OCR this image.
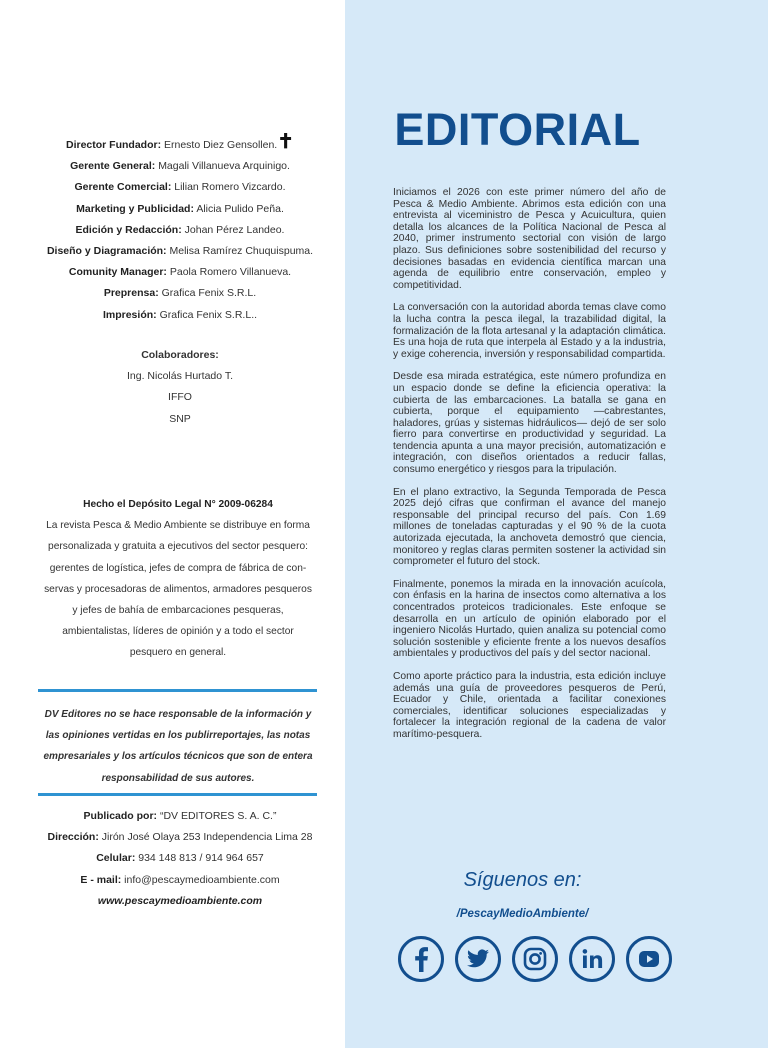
Director Fundador: Ernesto Diez Gensollen.✝
Gerente General: Magali Villanueva Arquinigo.
Gerente Comercial: Lilian Romero Vizcardo.
Marketing y Publicidad: Alicia Pulido Peña.
Edición y Redacción: Johan Pérez Landeo.
Diseño y Diagramación: Melisa Ramírez Chuquispuma.
Comunity Manager: Paola Romero Villanueva.
Preprensa: Grafica Fenix S.R.L.
Impresión: Grafica Fenix S.R.L..
Colaboradores:
Ing. Nicolás Hurtado T.
IFFO
SNP
Hecho el Depósito Legal N° 2009-06284
La revista Pesca & Medio Ambiente se distribuye en forma
personalizada y gratuita a ejecutivos del sector pesquero:
gerentes de logística, jefes de compra de fábrica de con-
servas y procesadoras de alimentos, armadores pesqueros
y jefes de bahía de embarcaciones pesqueras,
ambientalistas, líderes de opinión y a todo el sector
pesquero en general.
DV Editores no se hace responsable de la información y
las opiniones vertidas en los publirreportajes, las notas
empresariales y los artículos técnicos que son de entera
responsabilidad de sus autores.
Publicado por: “DV EDITORES S. A. C.”
Dirección: Jirón José Olaya 253 Independencia Lima 28
Celular: 934 148 813 / 914 964 657
E - mail: info@pescaymedioambiente.com
www.pescaymedioambiente.com
EDITORIAL

Iniciamos el 2026 con este primer número del año de Pesca & Medio Ambiente. Abrimos esta edición con una entrevista al viceministro de Pesca y Acuicultura, quien detalla los alcances de la Política Nacional de Pesca al 2040, primer instrumento sectorial con visión de largo plazo. Sus definiciones sobre sostenibilidad del recurso y decisiones basadas en evidencia científica marcan una agenda de equilibrio entre conservación, empleo y competitividad.

La conversación con la autoridad aborda temas clave como la lucha contra la pesca ilegal, la trazabilidad digital, la formalización de la flota artesanal y la adaptación climática. Es una hoja de ruta que interpela al Estado y a la industria, y exige coherencia, inversión y responsabilidad compartida.

Desde esa mirada estratégica, este número profundiza en un espacio donde se define la eficiencia operativa: la cubierta de las embarcaciones. La batalla se gana en cubierta, porque el equipamiento —cabrestantes, haladores, grúas y sistemas hidráulicos— dejó de ser solo fierro para convertirse en productividad y seguridad. La tendencia apunta a una mayor precisión, automatización e integración, con diseños orientados a reducir fallas, consumo energético y riesgos para la tripulación.

En el plano extractivo, la Segunda Temporada de Pesca 2025 dejó cifras que confirman el avance del manejo responsable del principal recurso del país. Con 1.69 millones de toneladas capturadas y el 90 % de la cuota autorizada ejecutada, la anchoveta demostró que ciencia, monitoreo y reglas claras permiten sostener la actividad sin comprometer el futuro del stock.

Finalmente, ponemos la mirada en la innovación acuícola, con énfasis en la harina de insectos como alternativa a los concentrados proteicos tradicionales. Este enfoque se desarrolla en un artículo de opinión elaborado por el ingeniero Nicolás Hurtado, quien analiza su potencial como solución sostenible y eficiente frente a los nuevos desafíos ambientales y productivos del país y del sector nacional.

Como aporte práctico para la industria, esta edición incluye además una guía de proveedores pesqueros de Perú, Ecuador y Chile, orientada a facilitar conexiones comerciales, identificar soluciones especializadas y fortalecer la integración regional de la cadena de valor marítimo-pesquera.

Síguenos en:
/PescayMedioAmbiente/
